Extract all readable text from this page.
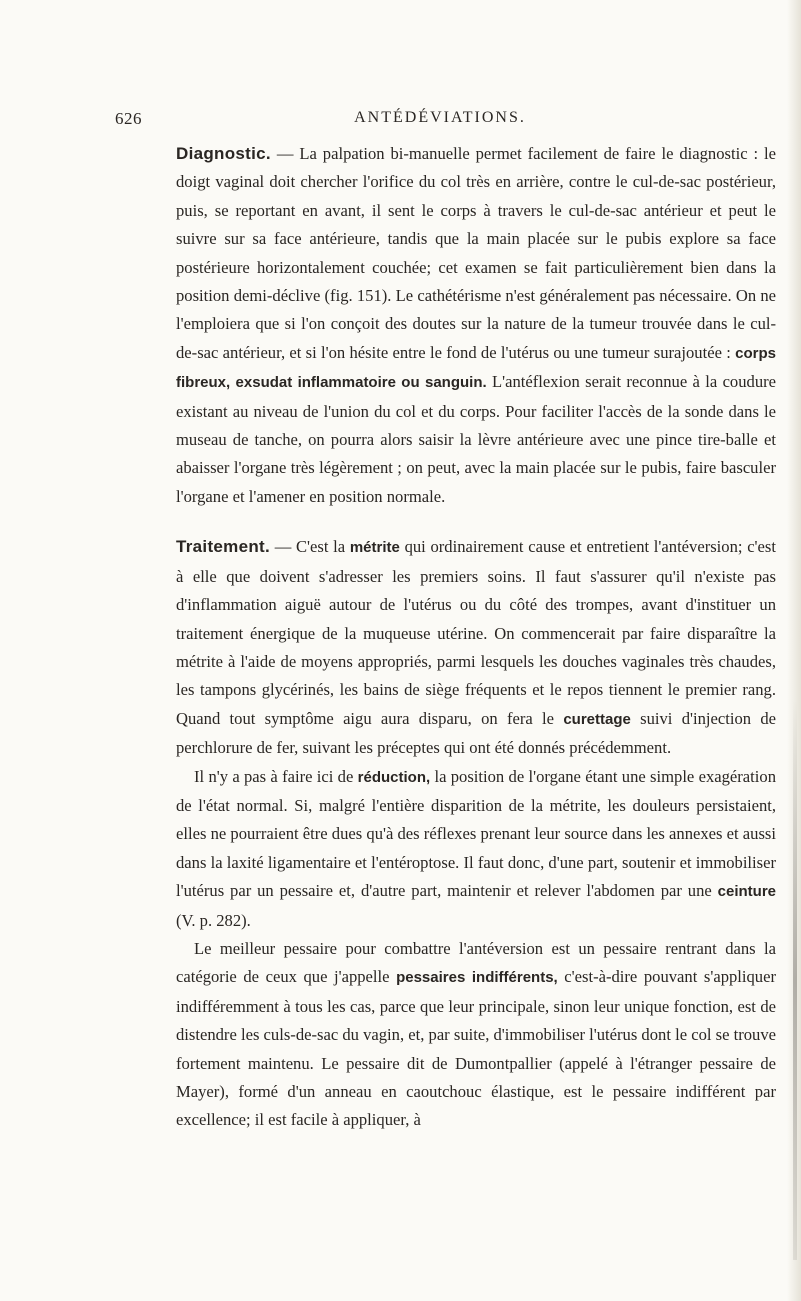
626	ANTÉDÉVIATIONS.

Diagnostic. — La palpation bi-manuelle permet facilement de faire le diagnostic : le doigt vaginal doit chercher l'orifice du col très en arrière, contre le cul-de-sac postérieur, puis, se reportant en avant, il sent le corps à travers le cul-de-sac antérieur et peut le suivre sur sa face antérieure, tandis que la main placée sur le pubis explore sa face postérieure horizontalement couchée; cet examen se fait particulièrement bien dans la position demi-déclive (fig. 151). Le cathétérisme n'est généralement pas nécessaire. On ne l'emploiera que si l'on conçoit des doutes sur la nature de la tumeur trouvée dans le cul-de-sac antérieur, et si l'on hésite entre le fond de l'utérus ou une tumeur surajoutée : corps fibreux, exsudat inflammatoire ou sanguin. L'antéflexion serait reconnue à la coudure existant au niveau de l'union du col et du corps. Pour faciliter l'accès de la sonde dans le museau de tanche, on pourra alors saisir la lèvre antérieure avec une pince tire-balle et abaisser l'organe très légèrement ; on peut, avec la main placée sur le pubis, faire basculer l'organe et l'amener en position normale.

Traitement. — C'est la métrite qui ordinairement cause et entretient l'antéversion; c'est à elle que doivent s'adresser les premiers soins. Il faut s'assurer qu'il n'existe pas d'inflammation aiguë autour de l'utérus ou du côté des trompes, avant d'instituer un traitement énergique de la muqueuse utérine. On commencerait par faire disparaître la métrite à l'aide de moyens appropriés, parmi lesquels les douches vaginales très chaudes, les tampons glycérinés, les bains de siège fréquents et le repos tiennent le premier rang. Quand tout symptôme aigu aura disparu, on fera le curettage suivi d'injection de perchlorure de fer, suivant les préceptes qui ont été donnés précédemment.

Il n'y a pas à faire ici de réduction, la position de l'organe étant une simple exagération de l'état normal. Si, malgré l'entière disparition de la métrite, les douleurs persistaient, elles ne pourraient être dues qu'à des réflexes prenant leur source dans les annexes et aussi dans la laxité ligamentaire et l'entéroptose. Il faut donc, d'une part, soutenir et immobiliser l'utérus par un pessaire et, d'autre part, maintenir et relever l'abdomen par une ceinture (V. p. 282).

Le meilleur pessaire pour combattre l'antéversion est un pessaire rentrant dans la catégorie de ceux que j'appelle pessaires indifférents, c'est-à-dire pouvant s'appliquer indifféremment à tous les cas, parce que leur principale, sinon leur unique fonction, est de distendre les culs-de-sac du vagin, et, par suite, d'immobiliser l'utérus dont le col se trouve fortement maintenu. Le pessaire dit de Dumontpallier (appelé à l'étranger pessaire de Mayer), formé d'un anneau en caoutchouc élastique, est le pessaire indifférent par excellence; il est facile à appliquer, à
